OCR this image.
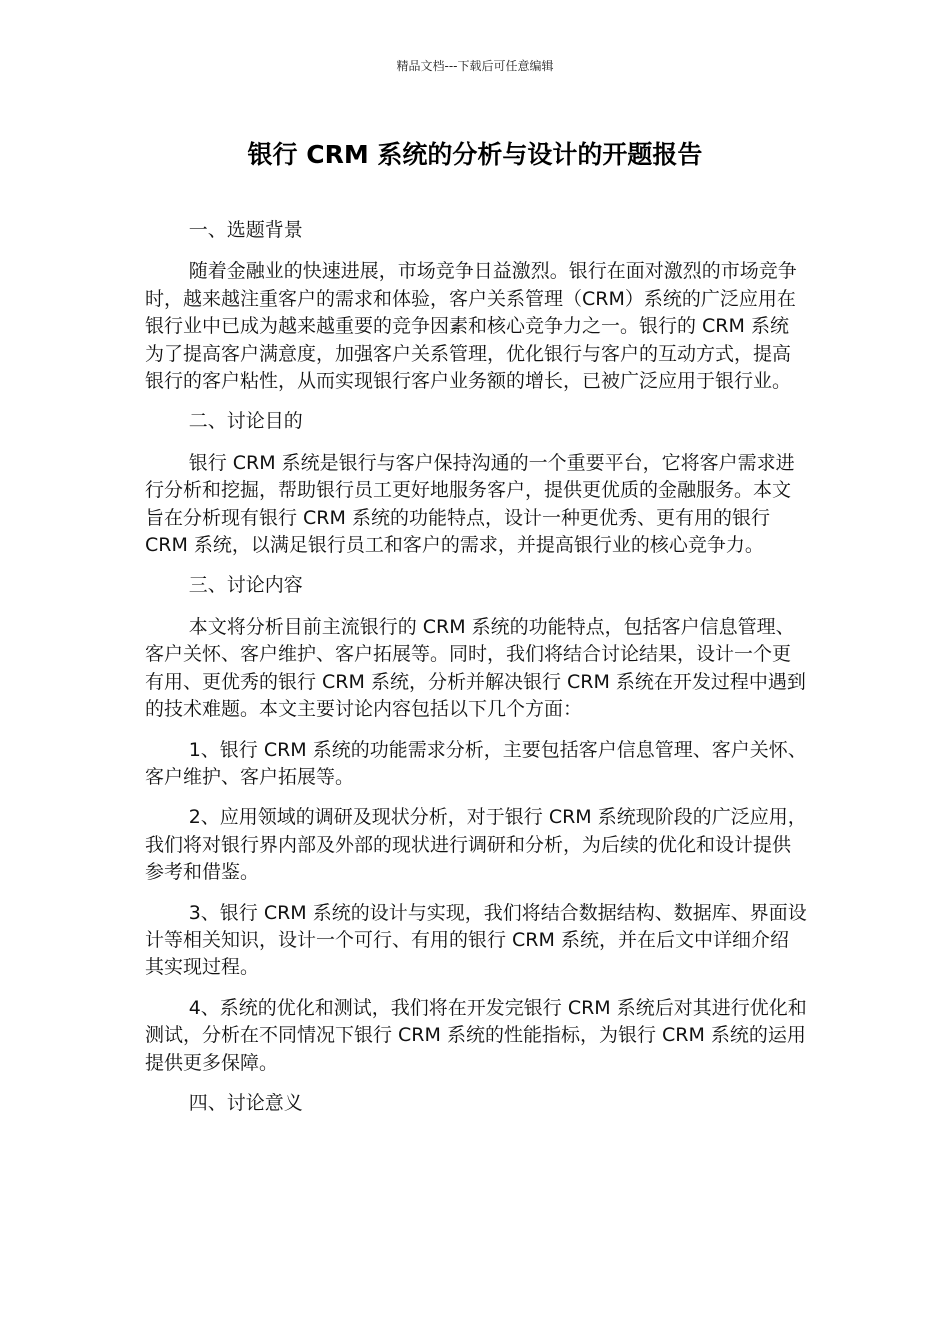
精品文档---下载后可任意编辑
银行 CRM 系统的分析与设计的开题报告

一、选题背景

随着金融业的快速进展，市场竞争日益激烈。银行在面对激烈的市场竞争时，越来越注重客户的需求和体验，客户关系管理（CRM）系统的广泛应用在银行业中已成为越来越重要的竞争因素和核心竞争力之一。银行的 CRM 系统为了提高客户满意度，加强客户关系管理，优化银行与客户的互动方式，提高银行的客户粘性，从而实现银行客户业务额的增长，已被广泛应用于银行业。

二、讨论目的

银行 CRM 系统是银行与客户保持沟通的一个重要平台，它将客户需求进行分析和挖掘，帮助银行员工更好地服务客户，提供更优质的金融服务。本文旨在分析现有银行 CRM 系统的功能特点，设计一种更优秀、更有用的银行 CRM 系统，以满足银行员工和客户的需求，并提高银行业的核心竞争力。

三、讨论内容

本文将分析目前主流银行的 CRM 系统的功能特点，包括客户信息管理、客户关怀、客户维护、客户拓展等。同时，我们将结合讨论结果，设计一个更有用、更优秀的银行 CRM 系统，分析并解决银行 CRM 系统在开发过程中遇到的技术难题。本文主要讨论内容包括以下几个方面：

1、银行 CRM 系统的功能需求分析，主要包括客户信息管理、客户关怀、客户维护、客户拓展等。

2、应用领域的调研及现状分析，对于银行 CRM 系统现阶段的广泛应用，我们将对银行界内部及外部的现状进行调研和分析，为后续的优化和设计提供参考和借鉴。

3、银行 CRM 系统的设计与实现，我们将结合数据结构、数据库、界面设计等相关知识，设计一个可行、有用的银行 CRM 系统，并在后文中详细介绍其实现过程。

4、系统的优化和测试，我们将在开发完银行 CRM 系统后对其进行优化和测试，分析在不同情况下银行 CRM 系统的性能指标，为银行 CRM 系统的运用提供更多保障。

四、讨论意义
